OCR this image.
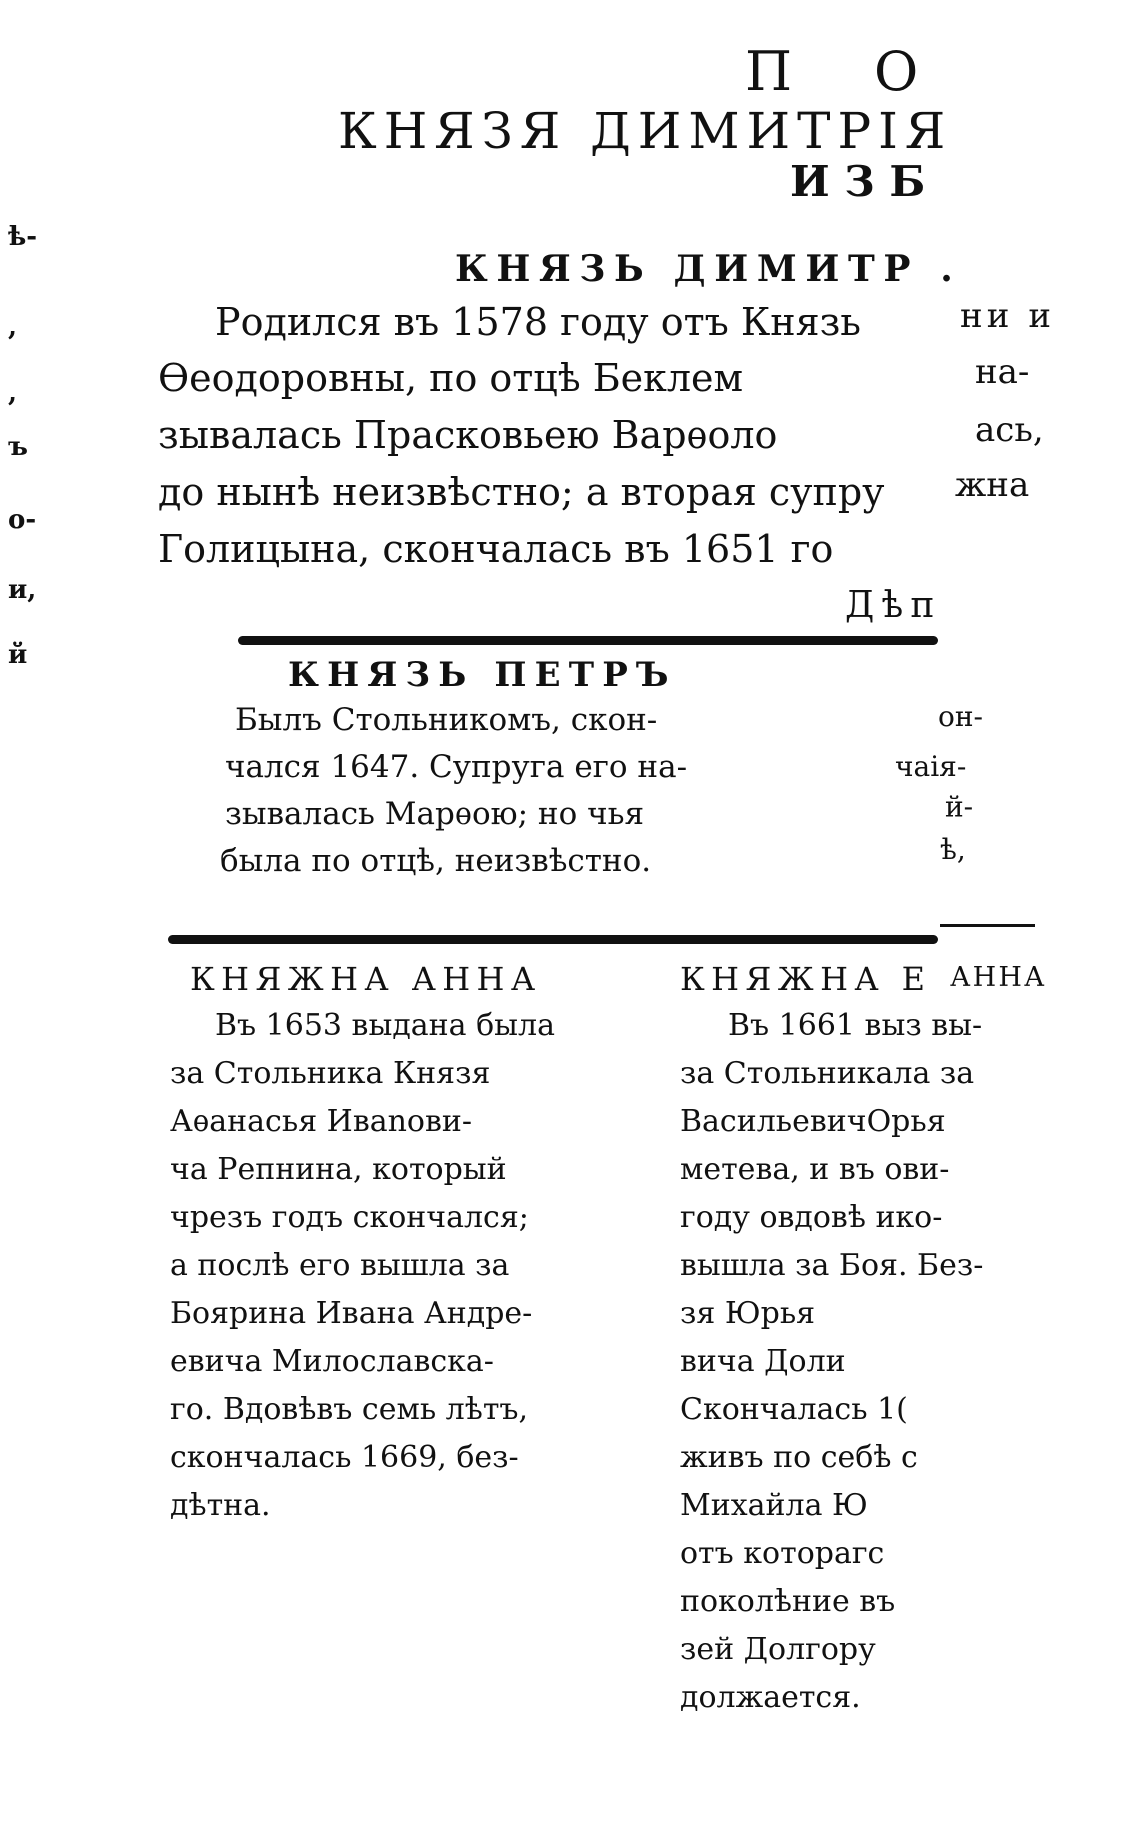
П О
КНЯЗЯ ДИМИТРІЯ
ИЗБ
КНЯЗЬ ДИМИТР .
Родился въ 1578 году отъ Князь
Ѳеодоровны, по отцѣ Беклем
зывалась Прасковьею Варѳоло
до нынѣ неизвѣстно; а вторая супру
Голицына, скончалась въ 1651 го
ни и
на-
ась,
жна
Дѣп
КНЯЗЬ ПЕТРЪ
Былъ Стольникомъ, скон-
чался 1647. Супруга его на-
зывалась Марѳою; но чья
была по отцѣ, неизвѣстно.
он-
чаія-
й-
ѣ,
КНЯЖНА АННА
Въ 1653 выдана была
за Стольника Князя
Аѳанасья Ивanови-
ча Репнина, который
чрезъ годъ скончался;
а послѣ его вышла за
Боярина Ивана Андре-
евича Милославска-
го. Вдовѣвъ семь лѣтъ,
скончалась 1669, без-
дѣтна.
КНЯЖНА Е АННА
Въ 1661 выз вы-
за Стольникала за
ВасильевичОрья
метева, и въ ови-
году овдовѣ ико-
вышла за Боя. Без-
зя Юрья
вича Доли
Скончалась 1(
живъ по себѣ с
Михайла Ю
отъ которагс
поколѣние въ
зей Долгору
должается.
ѣ-
,
,
ъ
о-
и,
й
